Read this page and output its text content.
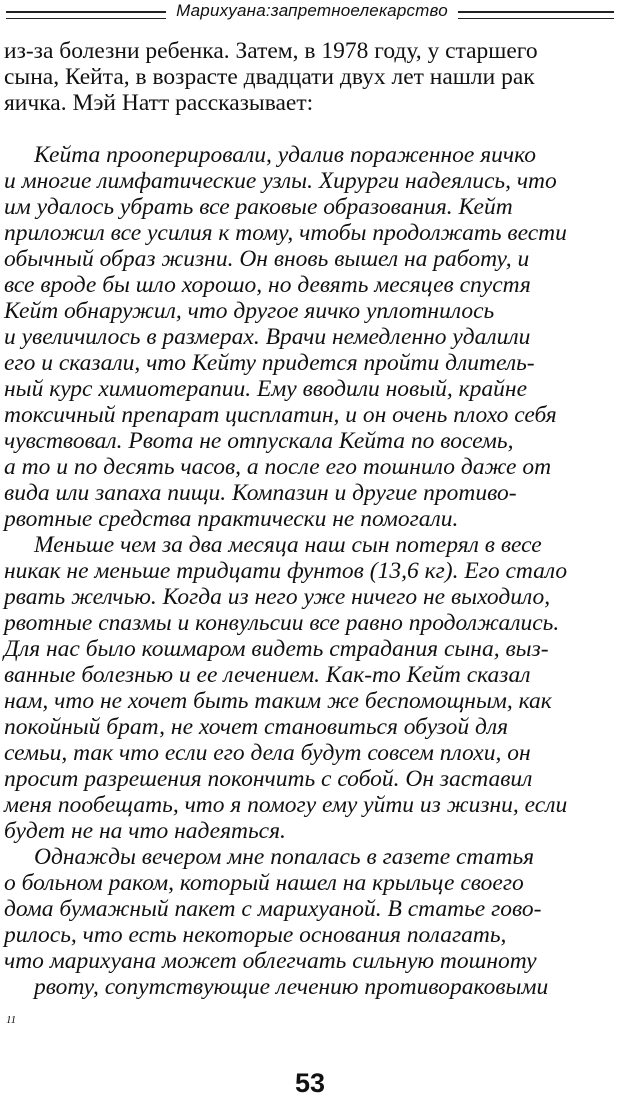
Марихуана:запретноелекарство
из-за болезни ребенка. Затем, в 1978 году, у старшего
сына, Кейта, в возрасте двадцати двух лет нашли рак
яичка. Мэй Натт рассказывает:
Кейта прооперировали, удалив пораженное яичко
и многие лимфатические узлы. Хирурги надеялись, что
им удалось убрать все раковые образования. Кейт
приложил все усилия к тому, чтобы продолжать вести
обычный образ жизни. Он вновь вышел на работу, и
все вроде бы шло хорошо, но девять месяцев спустя
Кейт обнаружил, что другое яичко уплотнилось
и увеличилось в размерах. Врачи немедленно удалили
его и сказали, что Кейту придется пройти длитель-
ный курс химиотерапии. Ему вводили новый, крайне
токсичный препарат цисплатин, и он очень плохо себя
чувствовал. Рвота не отпускала Кейта по восемь,
а то и по десять часов, а после его тошнило даже от
вида или запаха пищи. Компазин и другие противо-
рвотные средства практически не помогали.
Меньше чем за два месяца наш сын потерял в весе
никак не меньше тридцати фунтов (13,6 кг). Его стало
рвать желчью. Когда из него уже ничего не выходило,
рвотные спазмы и конвульсии все равно продолжались.
Для нас было кошмаром видеть страдания сына, выз-
ванные болезнью и ее лечением. Как-то Кейт сказал
нам, что не хочет быть таким же беспомощным, как
покойный брат, не хочет становиться обузой для
семьи, так что если его дела будут совсем плохи, он
просит разрешения покончить с собой. Он заставил
меня пообещать, что я помогу ему уйти из жизни, если
будет не на что надеяться.
Однажды вечером мне попалась в газете статья
о больном раком, который нашел на крыльце своего
дома бумажный пакет с марихуаной. В статье гово-
рилось, что есть некоторые основания полагать,
что марихуана может облегчать сильную тошноту
рвоту, сопутствующие лечению противораковыми
11
53
